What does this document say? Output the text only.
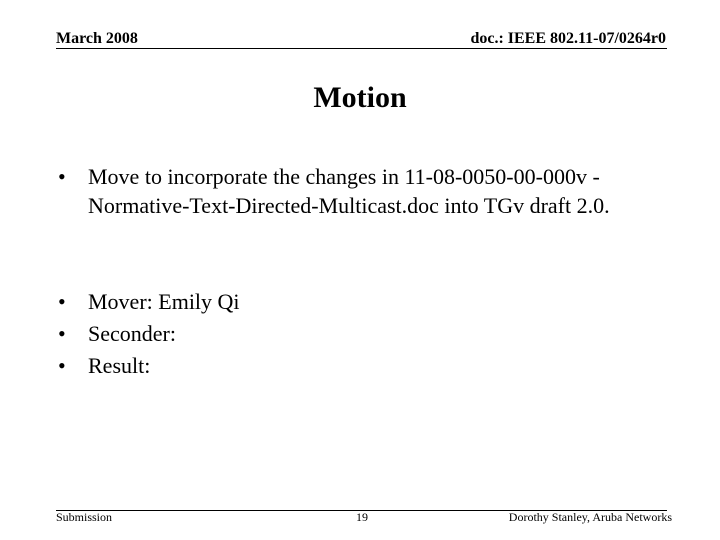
March 2008	doc.: IEEE 802.11-07/0264r0
Motion
• Move to incorporate the changes in 11-08-0050-00-000v -Normative-Text-Directed-Multicast.doc into TGv draft 2.0.
• Mover: Emily Qi
• Seconder:
• Result:
Submission	19	Dorothy Stanley, Aruba Networks
